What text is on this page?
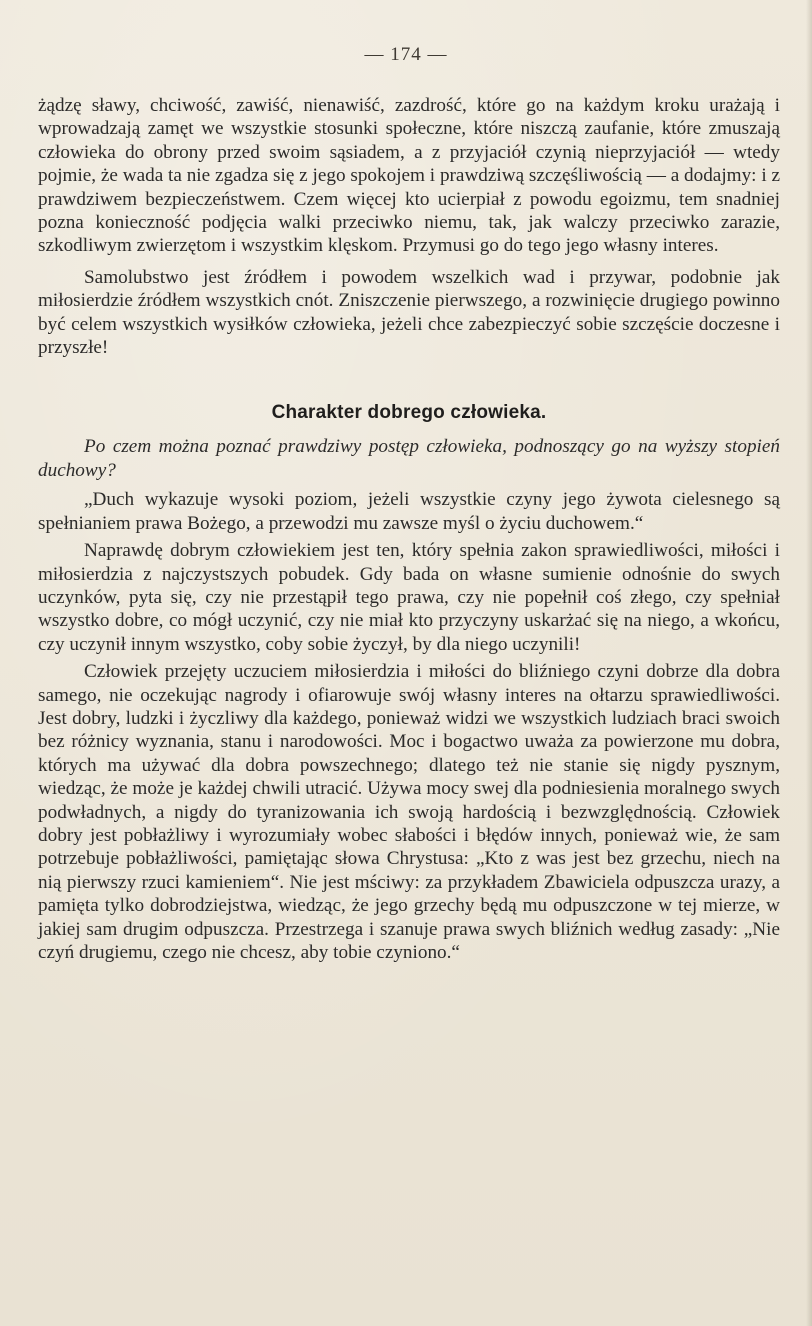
— 174 —

żądzę sławy, chciwość, zawiść, nienawiść, zazdrość, które go na każdym kroku urażają i wprowadzają zamęt we wszystkie stosunki społeczne, które niszczą zaufanie, które zmuszają człowieka do obrony przed swoim sąsiadem, a z przyjaciół czynią nieprzyjaciół — wtedy pojmie, że wada ta nie zgadza się z jego spokojem i prawdziwą szczęśliwością — a dodajmy: i z prawdziwem bezpieczeństwem. Czem więcej kto ucierpiał z powodu egoizmu, tem snadniej pozna konieczność podjęcia walki przeciwko niemu, tak, jak walczy przeciwko zarazie, szkodliwym zwierzętom i wszystkim klęskom. Przymusi go do tego jego własny interes.

Samolubstwo jest źródłem i powodem wszelkich wad i przywar, podobnie jak miłosierdzie źródłem wszystkich cnót. Zniszczenie pierwszego, a rozwinięcie drugiego powinno być celem wszystkich wysiłków człowieka, jeżeli chce zabezpieczyć sobie szczęście doczesne i przyszłe!

Charakter dobrego człowieka.

Po czem można poznać prawdziwy postęp człowieka, podnoszący go na wyższy stopień duchowy?

„Duch wykazuje wysoki poziom, jeżeli wszystkie czyny jego żywota cielesnego są spełnianiem prawa Bożego, a przewodzi mu zawsze myśl o życiu duchowem.“

Naprawdę dobrym człowiekiem jest ten, który spełnia zakon sprawiedliwości, miłości i miłosierdzia z najczystszych pobudek. Gdy bada on własne sumienie odnośnie do swych uczynków, pyta się, czy nie przestąpił tego prawa, czy nie popełnił coś złego, czy spełniał wszystko dobre, co mógł uczynić, czy nie miał kto przyczyny uskarżać się na niego, a wkońcu, czy uczynił innym wszystko, coby sobie życzył, by dla niego uczynili!

Człowiek przejęty uczuciem miłosierdzia i miłości do bliźniego czyni dobrze dla dobra samego, nie oczekując nagrody i ofiarowuje swój własny interes na ołtarzu sprawiedliwości. Jest dobry, ludzki i życzliwy dla każdego, ponieważ widzi we wszystkich ludziach braci swoich bez różnicy wyznania, stanu i narodowości. Moc i bogactwo uważa za powierzone mu dobra, których ma używać dla dobra powszechnego; dlatego też nie stanie się nigdy pysznym, wiedząc, że może je każdej chwili utracić. Używa mocy swej dla podniesienia moralnego swych podwładnych, a nigdy do tyranizowania ich swoją hardością i bezwzględnością. Człowiek dobry jest pobłażliwy i wyrozumiały wobec słabości i błędów innych, ponieważ wie, że sam potrzebuje pobłażliwości, pamiętając słowa Chrystusa: „Kto z was jest bez grzechu, niech na nią pierwszy rzuci kamieniem“. Nie jest mściwy: za przykładem Zbawiciela odpuszcza urazy, a pamięta tylko dobrodziejstwa, wiedząc, że jego grzechy będą mu odpuszczone w tej mierze, w jakiej sam drugim odpuszcza. Przestrzega i szanuje prawa swych bliźnich według zasady: „Nie czyń drugiemu, czego nie chcesz, aby tobie czyniono.“
